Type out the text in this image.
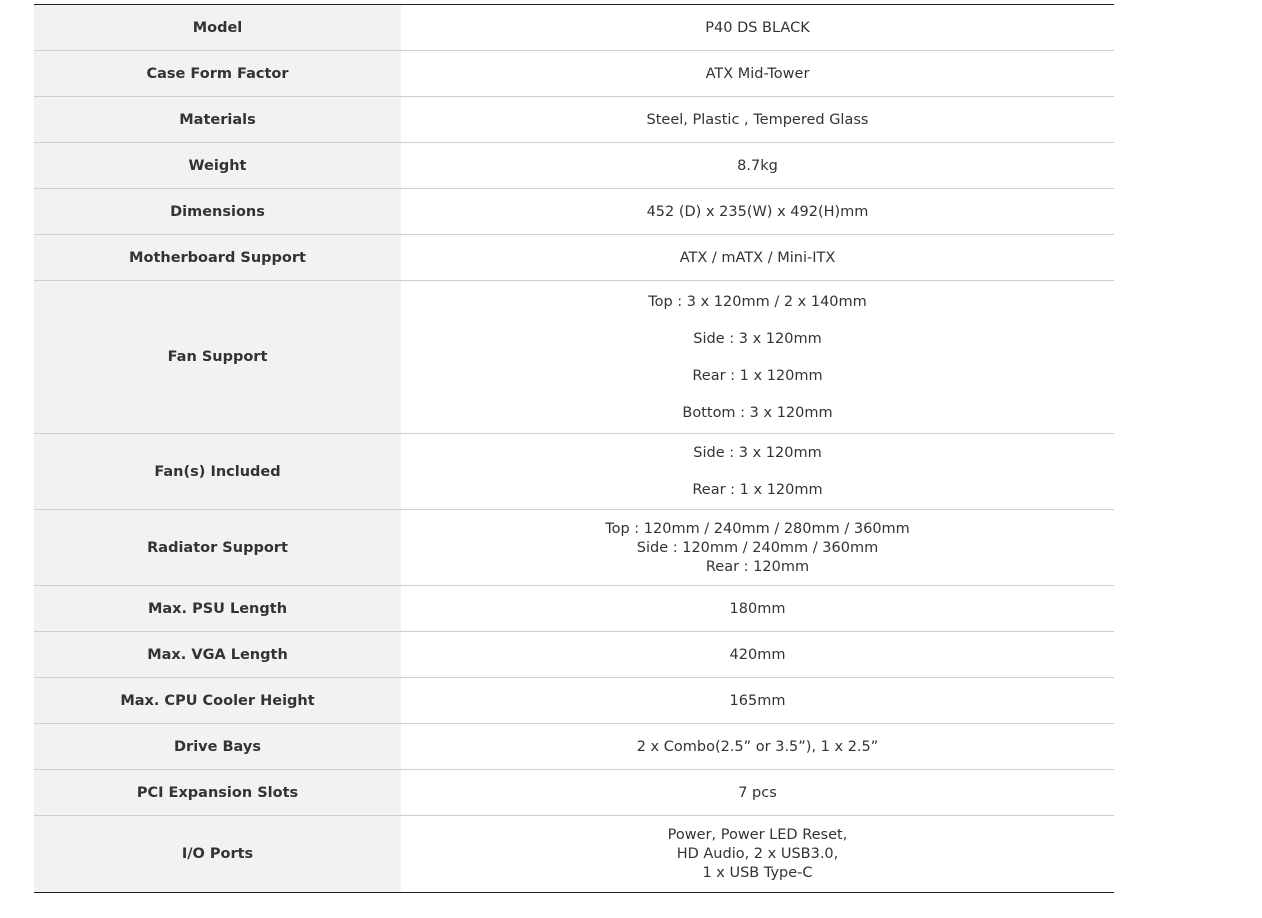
Model	P40 DS BLACK
Case Form Factor	ATX Mid-Tower
Materials	Steel, Plastic , Tempered Glass
Weight	8.7kg
Dimensions	452 (D) x 235(W) x 492(H)mm
Motherboard Support	ATX / mATX / Mini-ITX
Fan Support	Top : 3 x 120mm / 2 x 140mm
Side : 3 x 120mm
Rear : 1 x 120mm
Bottom : 3 x 120mm

Fan(s) Included	Side : 3 x 120mm
Rear : 1 x 120mm

Radiator Support	Top : 120mm / 240mm / 280mm / 360mm
Side : 120mm / 240mm / 360mm
Rear : 120mm

Max. PSU Length	180mm
Max. VGA Length	420mm
Max. CPU Cooler Height	165mm
Drive Bays	2 x Combo(2.5” or 3.5”), 1 x 2.5”
PCI Expansion Slots	7 pcs
I/O Ports	Power, Power LED Reset,
HD Audio, 2 x USB3.0,
1 x USB Type-C
